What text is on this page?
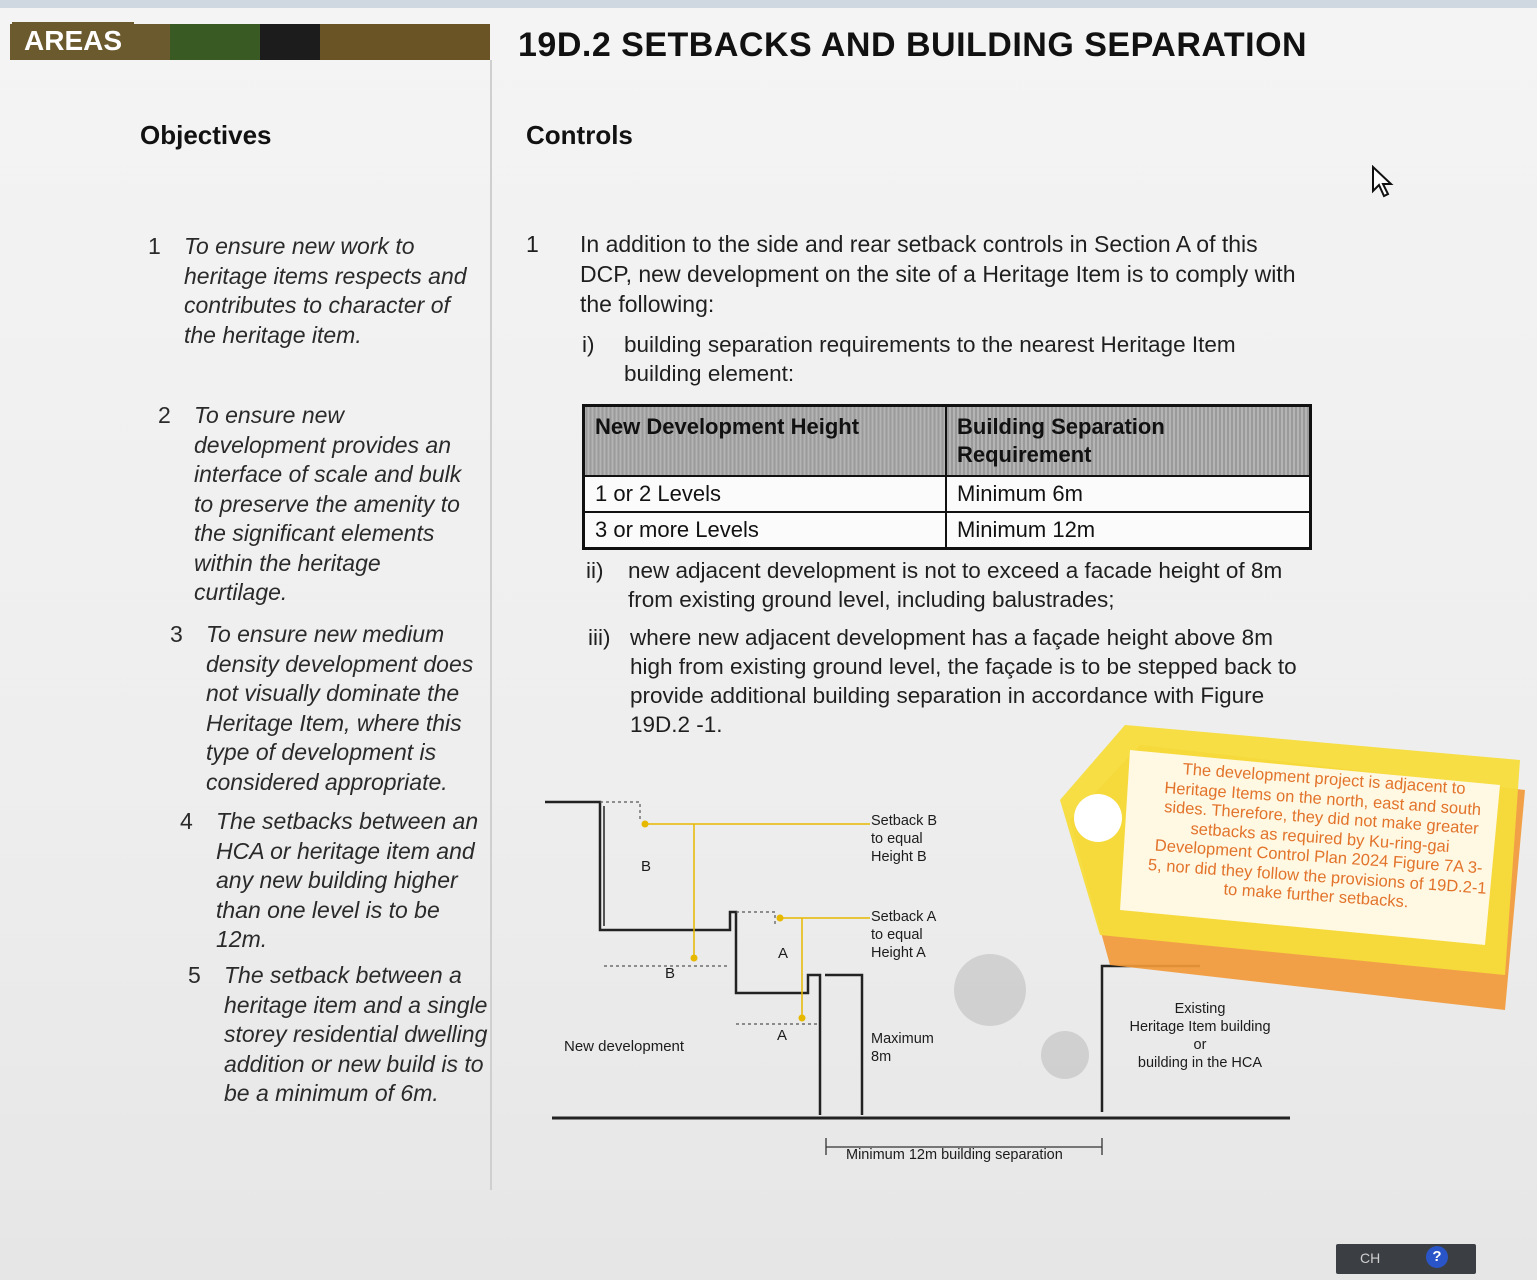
AREAS	19D.2 SETBACKS AND BUILDING SEPARATION
Objectives
1 To ensure new work to heritage items respects and contributes to character of the heritage item.
2 To ensure new development provides an interface of scale and bulk to preserve the amenity to the significant elements within the heritage curtilage.
3 To ensure new medium density development does not visually dominate the Heritage Item, where this type of development is considered appropriate.
4 The setbacks between an HCA or heritage item and any new building higher than one level is to be 12m.
5 The setback between a heritage item and a single storey residential dwelling addition or new build is to be a minimum of 6m.
Controls
1 In addition to the side and rear setback controls in Section A of this DCP, new development on the site of a Heritage Item is to comply with the following:
i) building separation requirements to the nearest Heritage Item building element:
New Development Height	Building Separation Requirement
1 or 2 Levels	Minimum 6m
3 or more Levels	Minimum 12m
ii) new adjacent development is not to exceed a facade height of 8m from existing ground level, including balustrades;
iii) where new adjacent development has a façade height above 8m high from existing ground level, the façade is to be stepped back to provide additional building separation in accordance with Figure 19D.2 -1.
B
B
A
A
Setback B
to equal
Height B
Setback A
to equal
Height A
Maximum
8m
New development
Existing
Heritage Item building
or
building in the HCA
Minimum 12m building separation
The development project is adjacent to Heritage Items on the north, east and south sides. Therefore, they did not make greater setbacks as required by Ku-ring-gai Development Control Plan 2024 Figure 7A 3-5, nor did they follow the provisions of 19D.2-1 to make further setbacks.
CH	?
